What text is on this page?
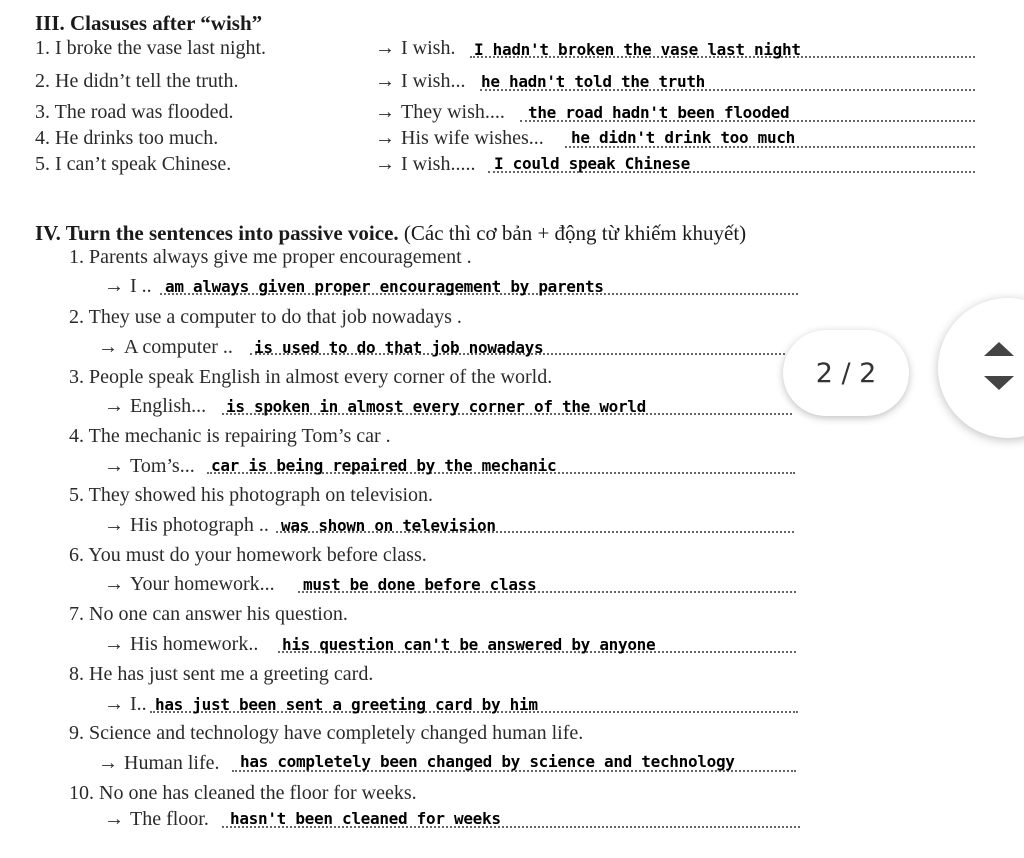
III. Clasuses after “wish”
1. I broke the vase last night.	→ I wish. I hadn't broken the vase last night
2. He didn’t tell the truth.	→ I wish... he hadn't told the truth
3. The road was flooded.	→ They wish.... the road hadn't been flooded
4. He drinks too much.	→ His wife wishes... he didn't drink too much
5. I can’t speak Chinese.	→ I wish..... I could speak Chinese
IV. Turn the sentences into passive voice. (Các thì cơ bản + động từ khiếm khuyết)
1. Parents always give me proper encouragement .
→ I .. am always given proper encouragement by parents
2. They use a computer to do that job nowadays .
→ A computer .. is used to do that job nowadays
3. People speak English in almost every corner of the world.
→ English... is spoken in almost every corner of the world
4. The mechanic is repairing Tom’s car .
→ Tom’s... car is being repaired by the mechanic
5. They showed his photograph on television.
→ His photograph .. was shown on television
6. You must do your homework before class.
→ Your homework... must be done before class
7. No one can answer his question.
→ His homework.. his question can't be answered by anyone
8. He has just sent me a greeting card.
→ I.. has just been sent a greeting card by him
9. Science and technology have completely changed human life.
→ Human life. has completely been changed by science and technology
10. No one has cleaned the floor for weeks.
→ The floor. hasn't been cleaned for weeks
2 / 2
